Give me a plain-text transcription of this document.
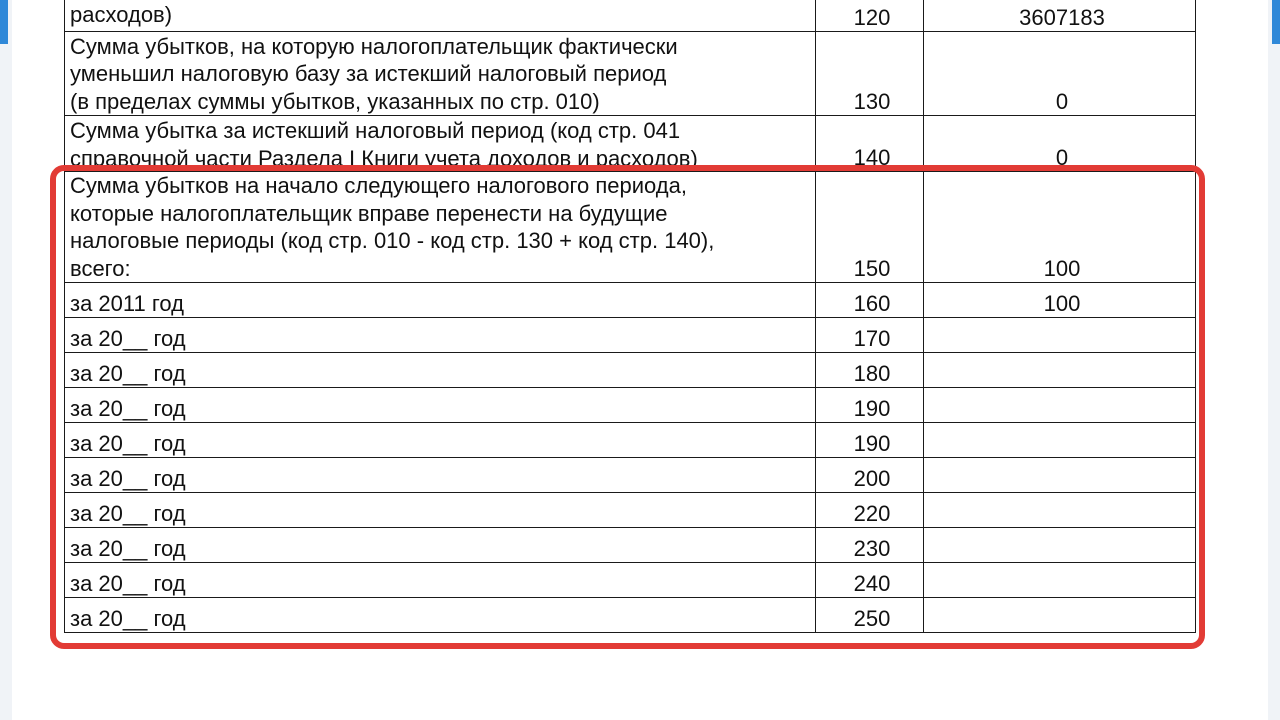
расходов)	120	3607183

Сумма убытков, на которую налогоплательщик фактически
уменьшил налоговую базу за истекший налоговый период
(в пределах суммы убытков, указанных по стр. 010)	130	0

Сумма убытка за истекший налоговый период (код стр. 041
справочной части Раздела I Книги учета доходов и расходов)	140	0

Сумма убытков на начало следующего налогового периода,
которые налогоплательщик вправе перенести на будущие
налоговые периоды (код стр. 010 - код стр. 130 + код стр. 140),
всего:	150	100
за 2011 год	160	100
за 20__ год	170	
за 20__ год	180	
за 20__ год	190	
за 20__ год	190	
за 20__ год	200	
за 20__ год	220	
за 20__ год	230	
за 20__ год	240	
за 20__ год	250	
